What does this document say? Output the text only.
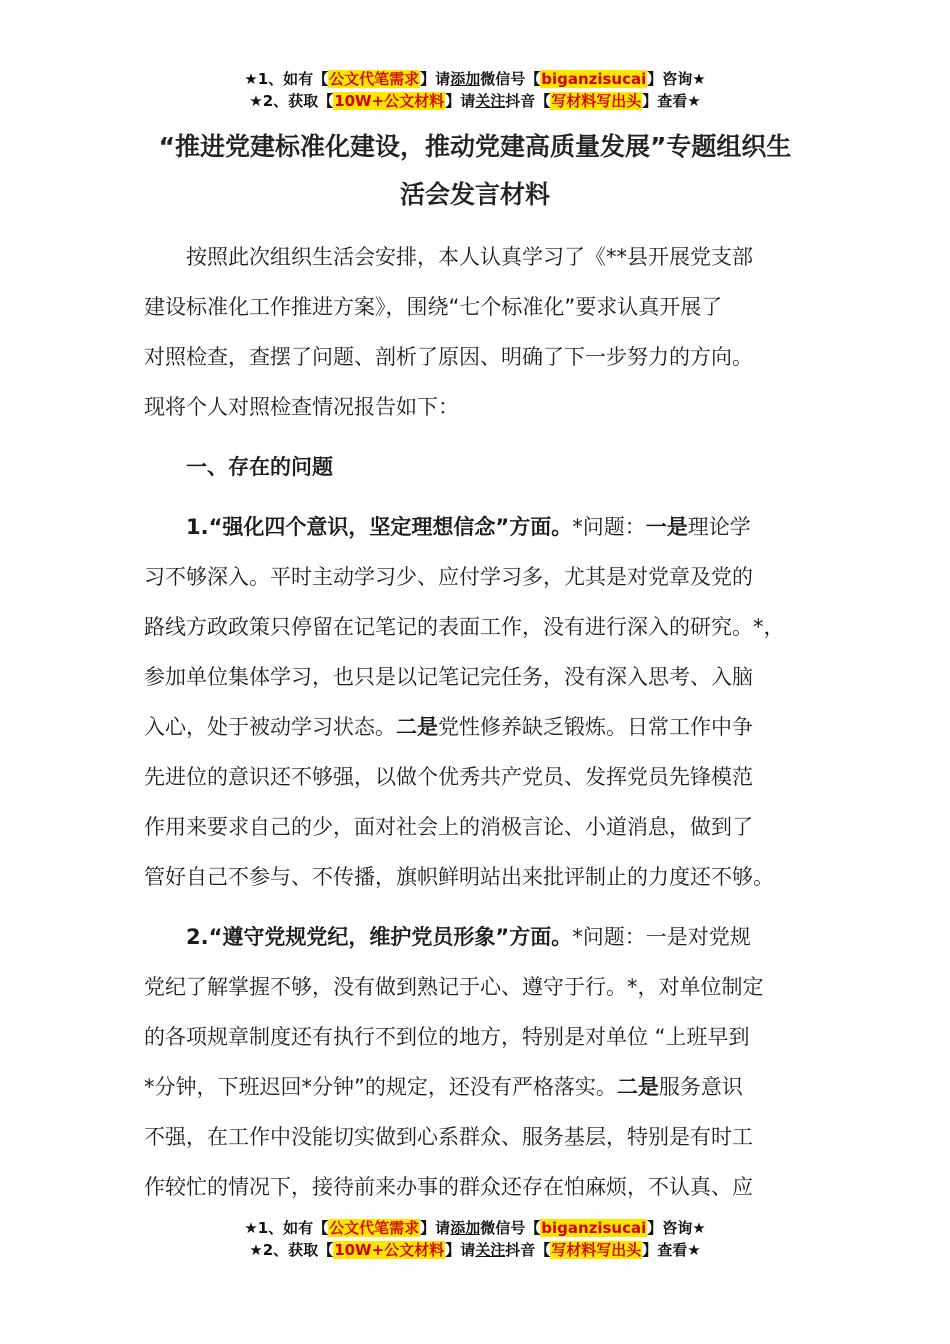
★1、如有【公文代笔需求】请添加微信号【biganzisucai】咨询★
★2、获取【10W+公文材料】请关注抖音【写材料写出头】查看★
“推进党建标准化建设，推动党建高质量发展”专题组织生
活会发言材料
按照此次组织生活会安排，本人认真学习了《**县开展党支部
建设标准化工作推进方案》，围绕“七个标准化”要求认真开展了
对照检查，查摆了问题、剖析了原因、明确了下一步努力的方向。
现将个人对照检查情况报告如下：
一、存在的问题
1.“强化四个意识，坚定理想信念”方面。*问题：一是理论学
习不够深入。平时主动学习少、应付学习多，尤其是对党章及党的
路线方政政策只停留在记笔记的表面工作，没有进行深入的研究。*，
参加单位集体学习，也只是以记笔记完任务，没有深入思考、入脑
入心，处于被动学习状态。二是党性修养缺乏锻炼。日常工作中争
先进位的意识还不够强，以做个优秀共产党员、发挥党员先锋模范
作用来要求自己的少，面对社会上的消极言论、小道消息，做到了
管好自己不参与、不传播，旗帜鲜明站出来批评制止的力度还不够。
2.“遵守党规党纪，维护党员形象”方面。*问题：一是对党规
党纪了解掌握不够，没有做到熟记于心、遵守于行。*，对单位制定
的各项规章制度还有执行不到位的地方，特别是对单位 “上班早到
*分钟，下班迟回*分钟”的规定，还没有严格落实。二是服务意识
不强，在工作中没能切实做到心系群众、服务基层，特别是有时工
作较忙的情况下，接待前来办事的群众还存在怕麻烦，不认真、应
★1、如有【公文代笔需求】请添加微信号【biganzisucai】咨询★
★2、获取【10W+公文材料】请关注抖音【写材料写出头】查看★
